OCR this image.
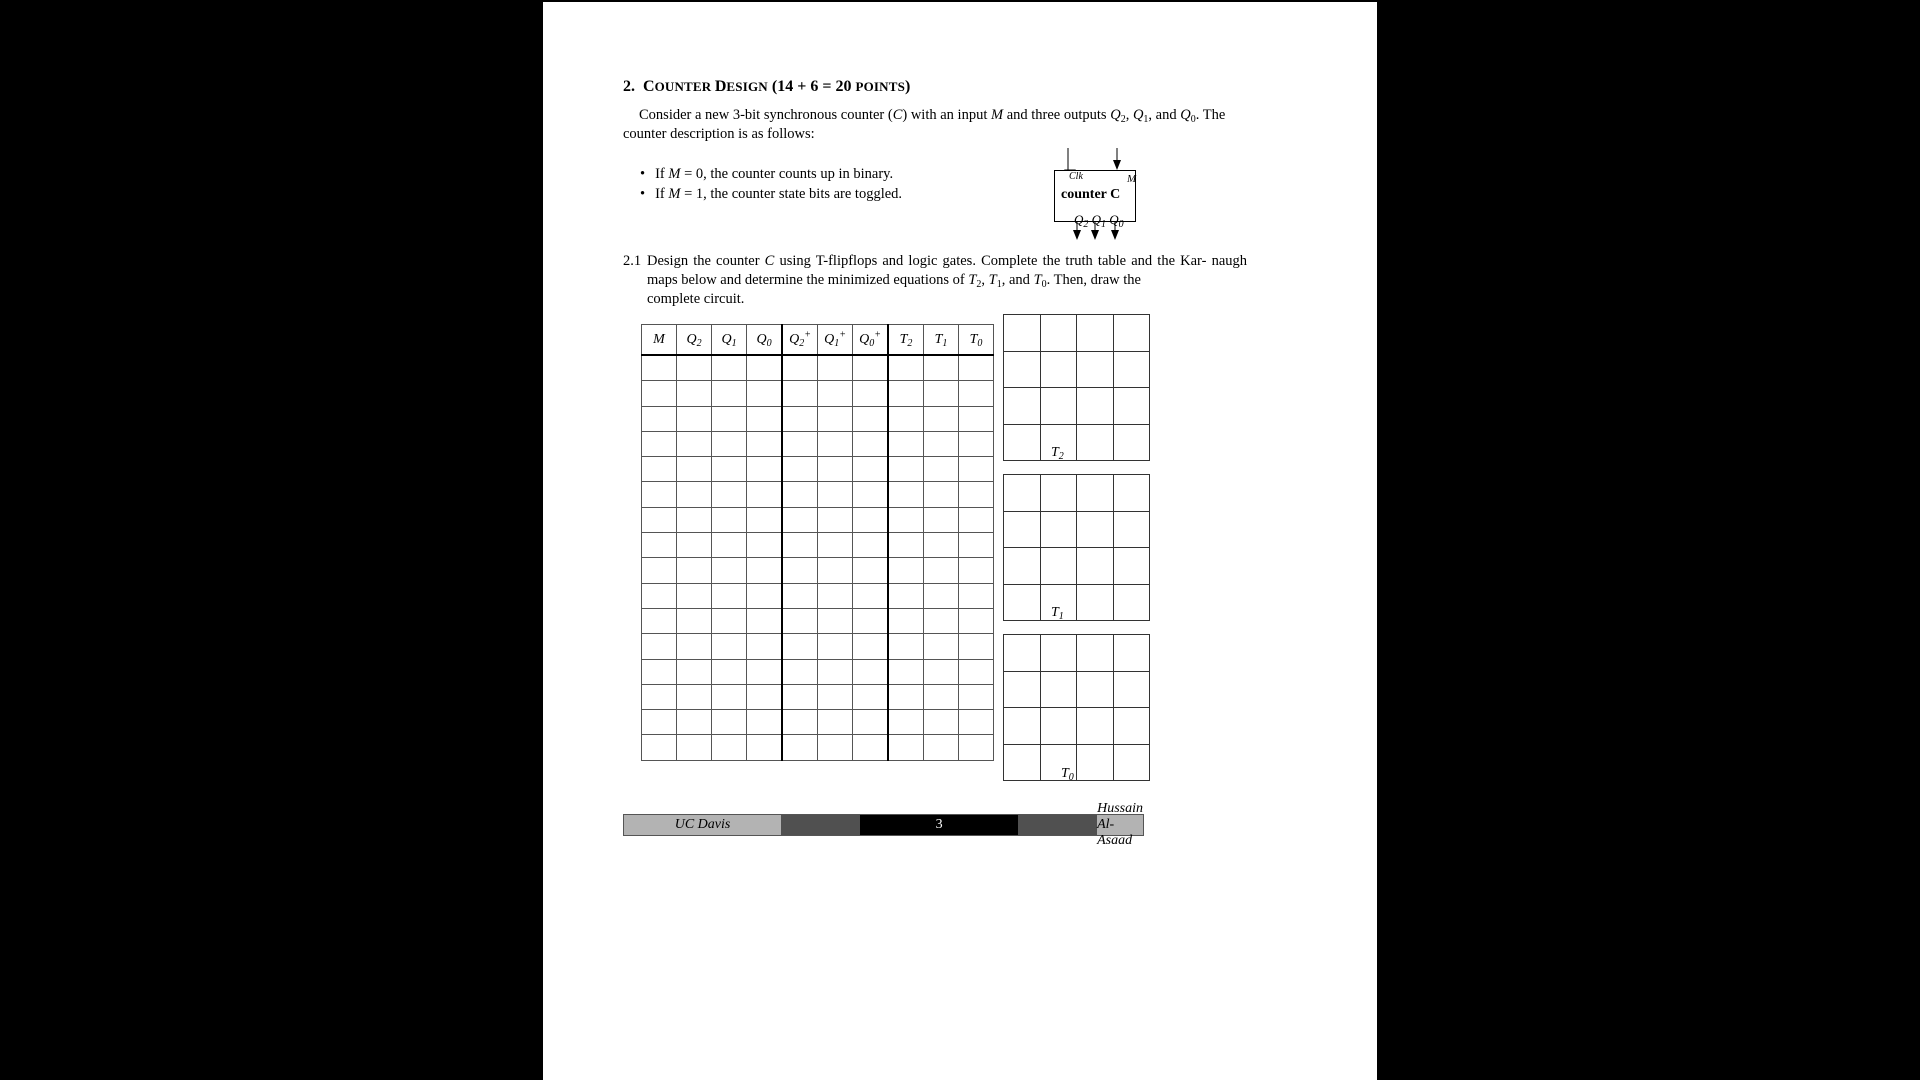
2. COUNTER DESIGN (14 + 6 = 20 POINTS)
Consider a new 3-bit synchronous counter (C) with an input M and three outputs $Q_2$, $Q_1$, and $Q_0$. The counter description is as follows:
• If M = 0, the counter counts up in binary.
• If M = 1, the counter state bits are toggled.
Clk	M
counter C
$Q_2$ $Q_1$ $Q_0$
2.1 Design the counter C using T-flipflops and logic gates. Complete the truth table and the Kar- naugh maps below and determine the minimized equations of $T_2$, $T_1$, and $T_0$. Then, draw the
complete circuit.
M	$Q_2$	$Q_1$	$Q_0$	$Q_2^+$	$Q_1^+$	$Q_0^+$	$T_2$	$T_1$	$T_0$

$T_2$

$T_1$

$T_0$
UC Davis	3
Hussain Al-Asaad
